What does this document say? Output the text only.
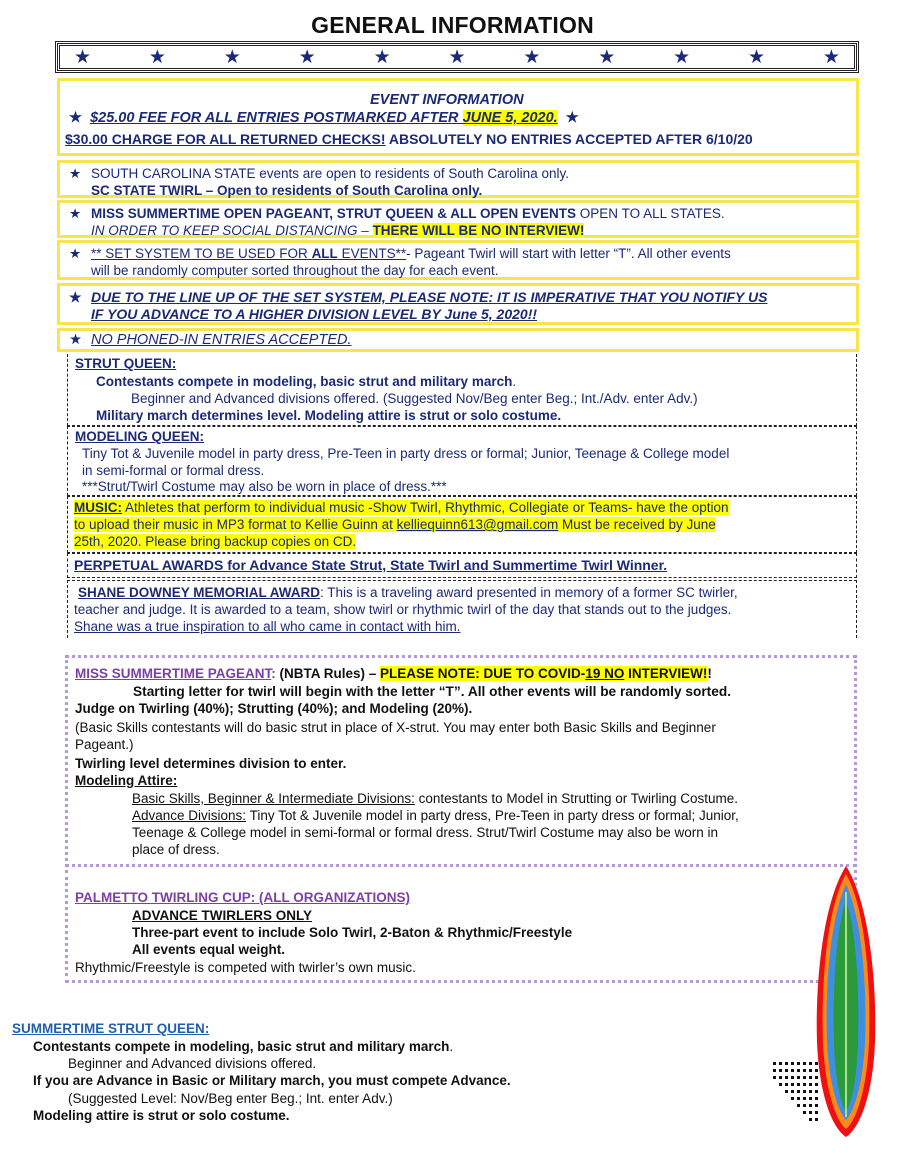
GENERAL INFORMATION
★	★	★	★	★	★	★	★	★	★	★
EVENT INFORMATION
★ $25.00 FEE FOR ALL ENTRIES POSTMARKED AFTER JUNE 5, 2020. ★
$30.00 CHARGE FOR ALL RETURNED CHECKS! ABSOLUTELY NO ENTRIES ACCEPTED AFTER 6/10/20
★ SOUTH CAROLINA STATE events are open to residents of South Carolina only.
SC STATE TWIRL – Open to residents of South Carolina only.
★ MISS SUMMERTIME OPEN PAGEANT, STRUT QUEEN & ALL OPEN EVENTS OPEN TO ALL STATES.
IN ORDER TO KEEP SOCIAL DISTANCING – THERE WILL BE NO INTERVIEW!
★ ** SET SYSTEM TO BE USED FOR ALL EVENTS**- Pageant Twirl will start with letter “T”. All other events
will be randomly computer sorted throughout the day for each event.
★ DUE TO THE LINE UP OF THE SET SYSTEM, PLEASE NOTE: IT IS IMPERATIVE THAT YOU NOTIFY US
IF YOU ADVANCE TO A HIGHER DIVISION LEVEL BY June 5, 2020!!
★ NO PHONED-IN ENTRIES ACCEPTED.
STRUT QUEEN:
Contestants compete in modeling, basic strut and military march.
Beginner and Advanced divisions offered. (Suggested Nov/Beg enter Beg.; Int./Adv. enter Adv.)
Military march determines level. Modeling attire is strut or solo costume.
MODELING QUEEN:
Tiny Tot & Juvenile model in party dress, Pre-Teen in party dress or formal; Junior, Teenage & College model
in semi-formal or formal dress.
***Strut/Twirl Costume may also be worn in place of dress.***
MUSIC: Athletes that perform to individual music -Show Twirl, Rhythmic, Collegiate or Teams- have the option
to upload their music in MP3 format to Kellie Guinn at kelliequinn613@gmail.com Must be received by June
25th, 2020. Please bring backup copies on CD.
PERPETUAL AWARDS for Advance State Strut, State Twirl and Summertime Twirl Winner.
SHANE DOWNEY MEMORIAL AWARD: This is a traveling award presented in memory of a former SC twirler,
teacher and judge. It is awarded to a team, show twirl or rhythmic twirl of the day that stands out to the judges.
Shane was a true inspiration to all who came in contact with him.
MISS SUMMERTIME PAGEANT: (NBTA Rules) – PLEASE NOTE: DUE TO COVID-19 NO INTERVIEW!!
Starting letter for twirl will begin with the letter “T”. All other events will be randomly sorted.
Judge on Twirling (40%); Strutting (40%); and Modeling (20%).
(Basic Skills contestants will do basic strut in place of X-strut. You may enter both Basic Skills and Beginner
Pageant.)
Twirling level determines division to enter.
Modeling Attire:
Basic Skills, Beginner & Intermediate Divisions: contestants to Model in Strutting or Twirling Costume.
Advance Divisions: Tiny Tot & Juvenile model in party dress, Pre-Teen in party dress or formal; Junior,
Teenage & College model in semi-formal or formal dress. Strut/Twirl Costume may also be worn in
place of dress.
PALMETTO TWIRLING CUP: (ALL ORGANIZATIONS)
ADVANCE TWIRLERS ONLY
Three-part event to include Solo Twirl, 2-Baton & Rhythmic/Freestyle
All events equal weight.
Rhythmic/Freestyle is competed with twirler’s own music.
SUMMERTIME STRUT QUEEN:
Contestants compete in modeling, basic strut and military march.
Beginner and Advanced divisions offered.
If you are Advance in Basic or Military march, you must compete Advance.
(Suggested Level: Nov/Beg enter Beg.; Int. enter Adv.)
Modeling attire is strut or solo costume.
